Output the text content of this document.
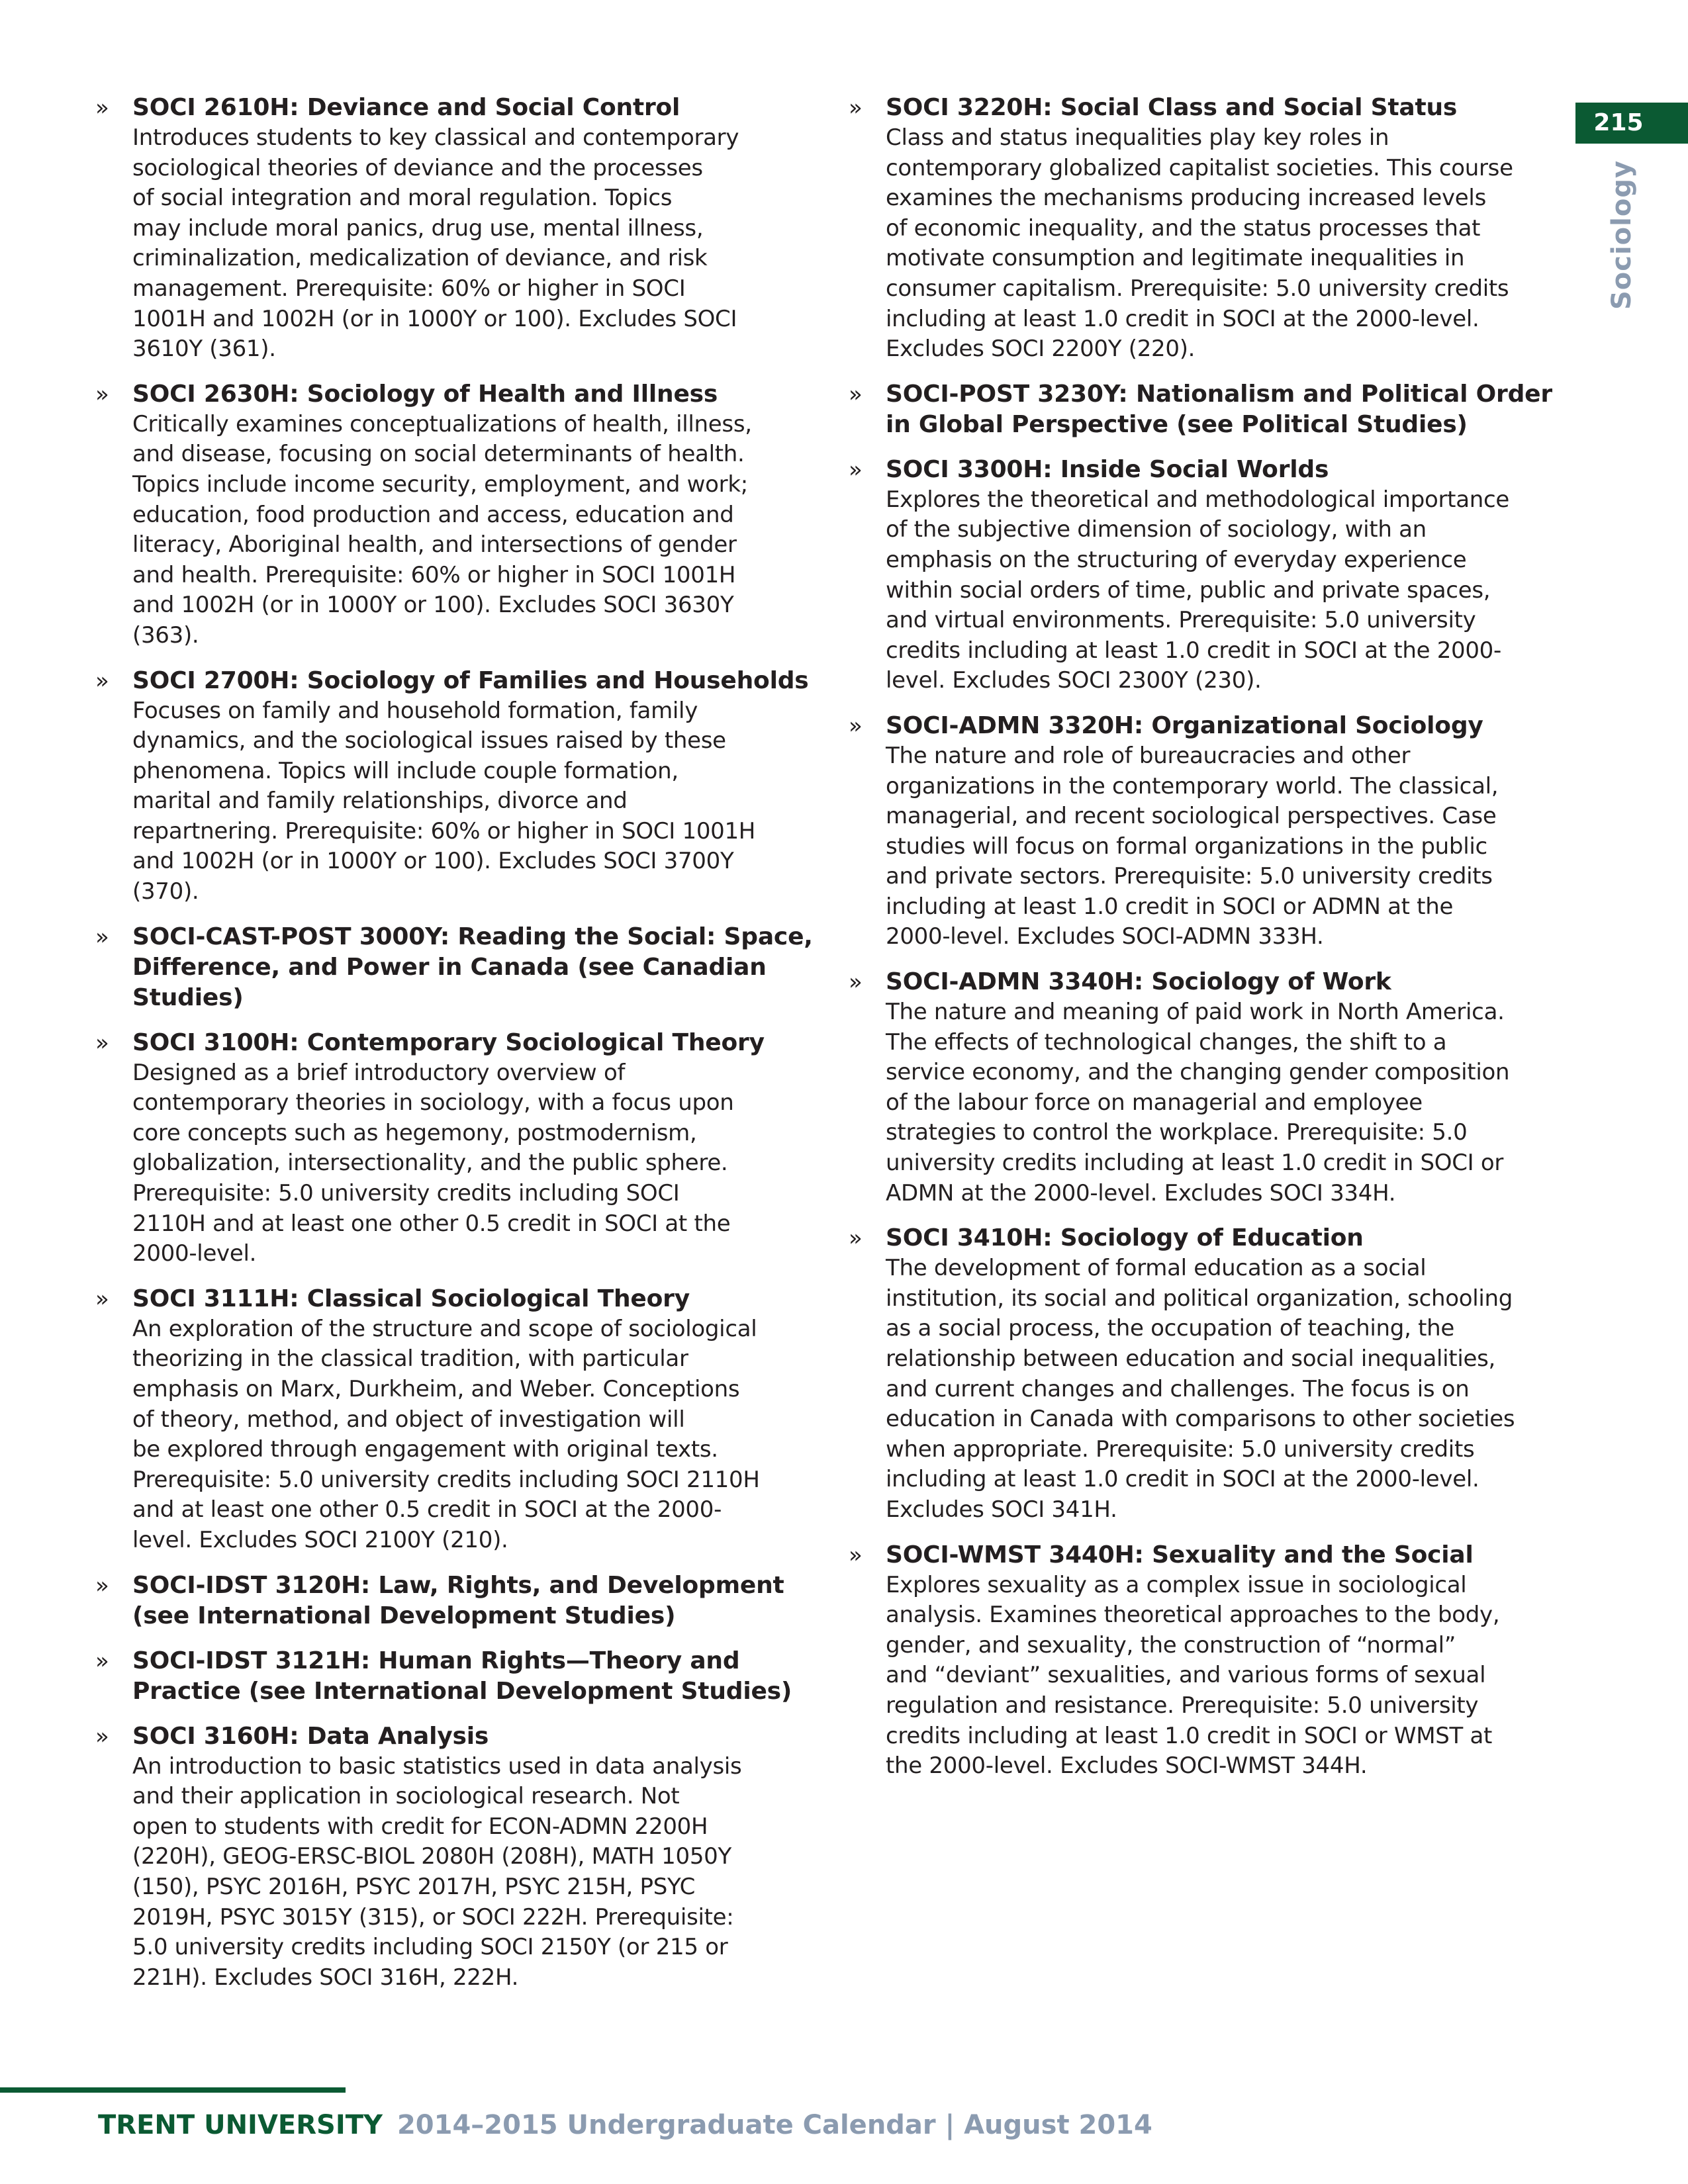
215
Sociology
» SOCI 2610H: Deviance and Social Control
Introduces students to key classical and contemporary
sociological theories of deviance and the processes
of social integration and moral regulation. Topics
may include moral panics, drug use, mental illness,
criminalization, medicalization of deviance, and risk
management. Prerequisite: 60% or higher in SOCI
1001H and 1002H (or in 1000Y or 100). Excludes SOCI
3610Y (361).
» SOCI 2630H: Sociology of Health and Illness
Critically examines conceptualizations of health, illness,
and disease, focusing on social determinants of health.
Topics include income security, employment, and work;
education, food production and access, education and
literacy, Aboriginal health, and intersections of gender
and health. Prerequisite: 60% or higher in SOCI 1001H
and 1002H (or in 1000Y or 100). Excludes SOCI 3630Y
(363).
» SOCI 2700H: Sociology of Families and Households
Focuses on family and household formation, family
dynamics, and the sociological issues raised by these
phenomena. Topics will include couple formation,
marital and family relationships, divorce and
repartnering. Prerequisite: 60% or higher in SOCI 1001H
and 1002H (or in 1000Y or 100). Excludes SOCI 3700Y
(370).
» SOCI-CAST-POST 3000Y: Reading the Social: Space, Difference, and Power in Canada (see Canadian Studies)
» SOCI 3100H: Contemporary Sociological Theory
Designed as a brief introductory overview of
contemporary theories in sociology, with a focus upon
core concepts such as hegemony, postmodernism,
globalization, intersectionality, and the public sphere.
Prerequisite: 5.0 university credits including SOCI
2110H and at least one other 0.5 credit in SOCI at the
2000-level.
» SOCI 3111H: Classical Sociological Theory
An exploration of the structure and scope of sociological
theorizing in the classical tradition, with particular
emphasis on Marx, Durkheim, and Weber. Conceptions
of theory, method, and object of investigation will
be explored through engagement with original texts.
Prerequisite: 5.0 university credits including SOCI 2110H
and at least one other 0.5 credit in SOCI at the 2000-
level. Excludes SOCI 2100Y (210).
» SOCI-IDST 3120H: Law, Rights, and Development (see International Development Studies)
» SOCI-IDST 3121H: Human Rights—Theory and Practice (see International Development Studies)
» SOCI 3160H: Data Analysis
An introduction to basic statistics used in data analysis
and their application in sociological research. Not
open to students with credit for ECON-ADMN 2200H
(220H), GEOG-ERSC-BIOL 2080H (208H), MATH 1050Y
(150), PSYC 2016H, PSYC 2017H, PSYC 215H, PSYC
2019H, PSYC 3015Y (315), or SOCI 222H. Prerequisite:
5.0 university credits including SOCI 2150Y (or 215 or
221H). Excludes SOCI 316H, 222H.
» SOCI 3220H: Social Class and Social Status
Class and status inequalities play key roles in
contemporary globalized capitalist societies. This course
examines the mechanisms producing increased levels
of economic inequality, and the status processes that
motivate consumption and legitimate inequalities in
consumer capitalism. Prerequisite: 5.0 university credits
including at least 1.0 credit in SOCI at the 2000-level.
Excludes SOCI 2200Y (220).
» SOCI-POST 3230Y: Nationalism and Political Order in Global Perspective (see Political Studies)
» SOCI 3300H: Inside Social Worlds
Explores the theoretical and methodological importance
of the subjective dimension of sociology, with an
emphasis on the structuring of everyday experience
within social orders of time, public and private spaces,
and virtual environments. Prerequisite: 5.0 university
credits including at least 1.0 credit in SOCI at the 2000-
level. Excludes SOCI 2300Y (230).
» SOCI-ADMN 3320H: Organizational Sociology
The nature and role of bureaucracies and other
organizations in the contemporary world. The classical,
managerial, and recent sociological perspectives. Case
studies will focus on formal organizations in the public
and private sectors. Prerequisite: 5.0 university credits
including at least 1.0 credit in SOCI or ADMN at the
2000-level. Excludes SOCI-ADMN 333H.
» SOCI-ADMN 3340H: Sociology of Work
The nature and meaning of paid work in North America.
The effects of technological changes, the shift to a
service economy, and the changing gender composition
of the labour force on managerial and employee
strategies to control the workplace. Prerequisite: 5.0
university credits including at least 1.0 credit in SOCI or
ADMN at the 2000-level. Excludes SOCI 334H.
» SOCI 3410H: Sociology of Education
The development of formal education as a social
institution, its social and political organization, schooling
as a social process, the occupation of teaching, the
relationship between education and social inequalities,
and current changes and challenges. The focus is on
education in Canada with comparisons to other societies
when appropriate. Prerequisite: 5.0 university credits
including at least 1.0 credit in SOCI at the 2000-level.
Excludes SOCI 341H.
» SOCI-WMST 3440H: Sexuality and the Social
Explores sexuality as a complex issue in sociological
analysis. Examines theoretical approaches to the body,
gender, and sexuality, the construction of “normal”
and “deviant” sexualities, and various forms of sexual
regulation and resistance. Prerequisite: 5.0 university
credits including at least 1.0 credit in SOCI or WMST at
the 2000-level. Excludes SOCI-WMST 344H.
TRENT UNIVERSITY 2014–2015 Undergraduate Calendar | August 2014
